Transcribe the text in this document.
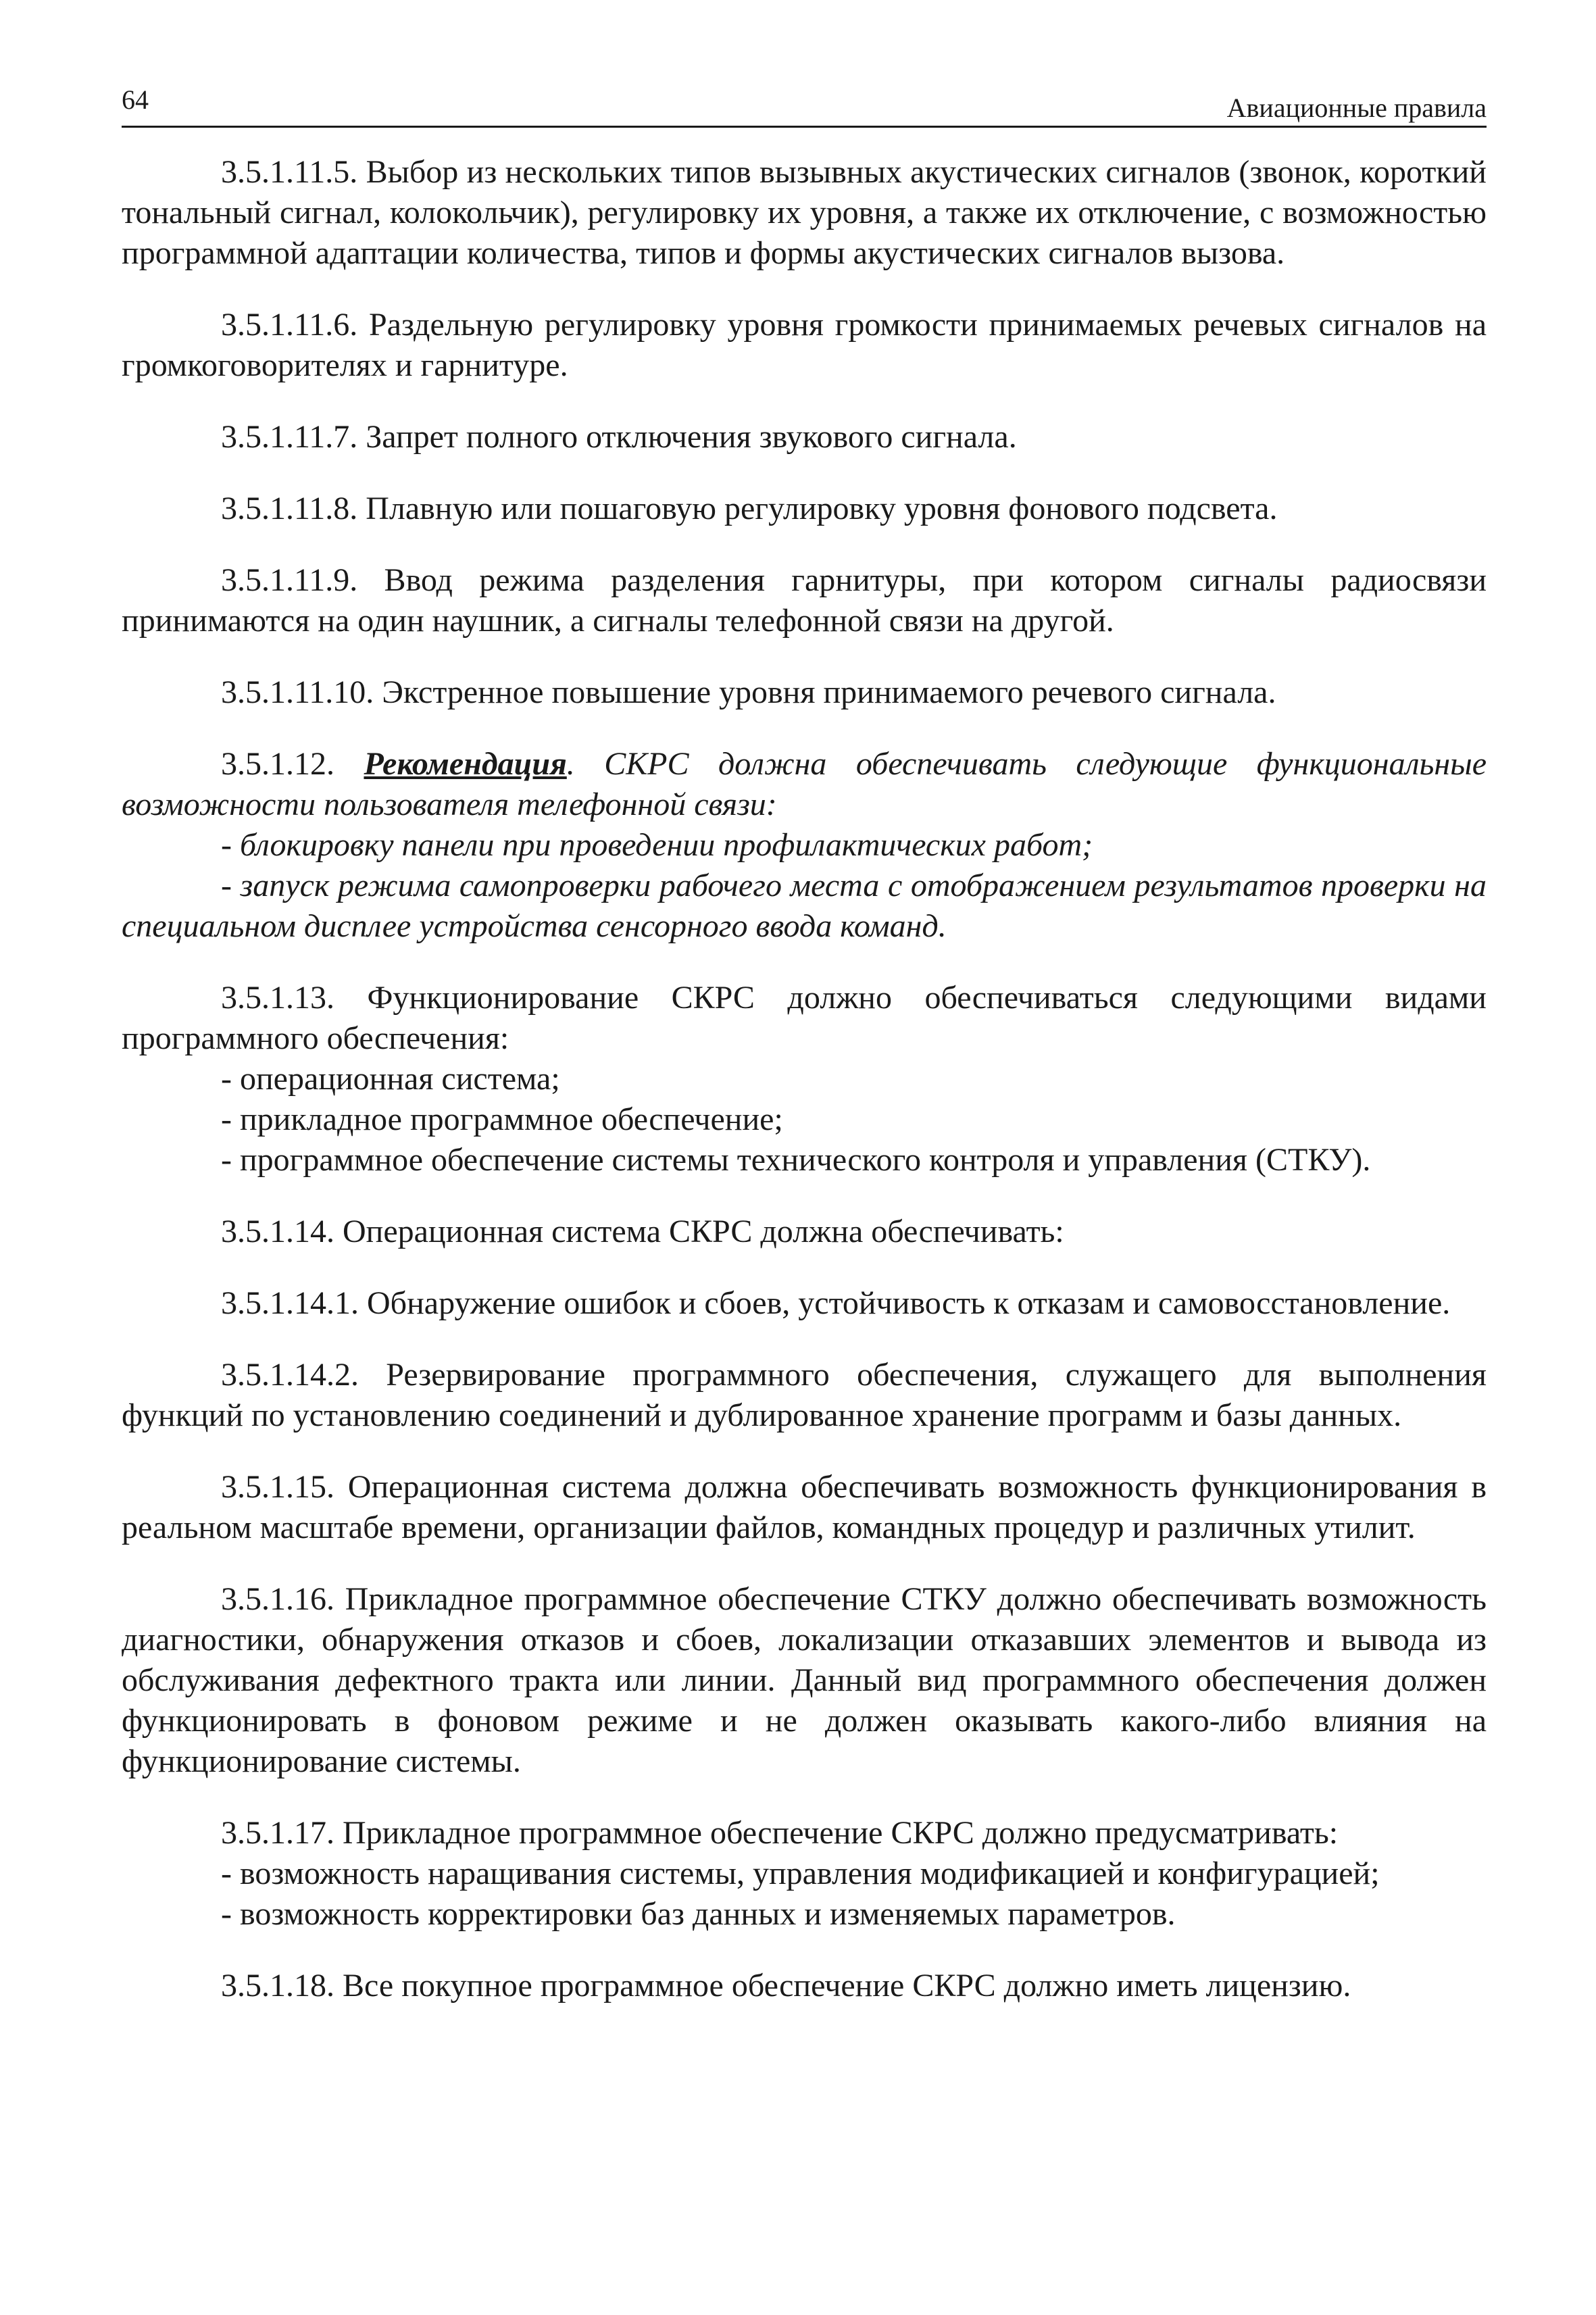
64	Авиационные правила

3.5.1.11.5. Выбор из нескольких типов вызывных акустических сигналов (звонок, короткий тональный сигнал, колокольчик), регулировку их уровня, а также их отключение, с возможностью программной адаптации количества, типов и формы акустических сигналов вызова.

3.5.1.11.6. Раздельную регулировку уровня громкости принимаемых речевых сигналов на громкоговорителях и гарнитуре.

3.5.1.11.7. Запрет полного отключения звукового сигнала.

3.5.1.11.8. Плавную или пошаговую регулировку уровня фонового подсвета.

3.5.1.11.9. Ввод режима разделения гарнитуры, при котором сигналы радиосвязи принимаются на один наушник, а сигналы телефонной связи на другой.

3.5.1.11.10. Экстренное повышение уровня принимаемого речевого сигнала.

3.5.1.12. Рекомендация. СКРС должна обеспечивать следующие функциональные возможности пользователя телефонной связи:

- блокировку панели при проведении профилактических работ;

- запуск режима самопроверки рабочего места с отображением результатов проверки на специальном дисплее устройства сенсорного ввода команд.

3.5.1.13. Функционирование СКРС должно обеспечиваться следующими видами программного обеспечения:

- операционная система;

- прикладное программное обеспечение;

- программное обеспечение системы технического контроля и управления (СТКУ).

3.5.1.14. Операционная система СКРС должна обеспечивать:

3.5.1.14.1. Обнаружение ошибок и сбоев, устойчивость к отказам и самовосстановление.

3.5.1.14.2. Резервирование программного обеспечения, служащего для выполнения функций по установлению соединений и дублированное хранение программ и базы данных.

3.5.1.15. Операционная система должна обеспечивать возможность функционирования в реальном масштабе времени, организации файлов, командных процедур и различных утилит.

3.5.1.16. Прикладное программное обеспечение СТКУ должно обеспечивать возможность диагностики, обнаружения отказов и сбоев, локализации отказавших элементов и вывода из обслуживания дефектного тракта или линии. Данный вид программного обеспечения должен функционировать в фоновом режиме и не должен оказывать какого-либо влияния на функционирование системы.

3.5.1.17. Прикладное программное обеспечение СКРС должно предусматривать:

- возможность наращивания системы, управления модификацией и конфигурацией;

- возможность корректировки баз данных и изменяемых параметров.

3.5.1.18. Все покупное программное обеспечение СКРС должно иметь лицензию.
